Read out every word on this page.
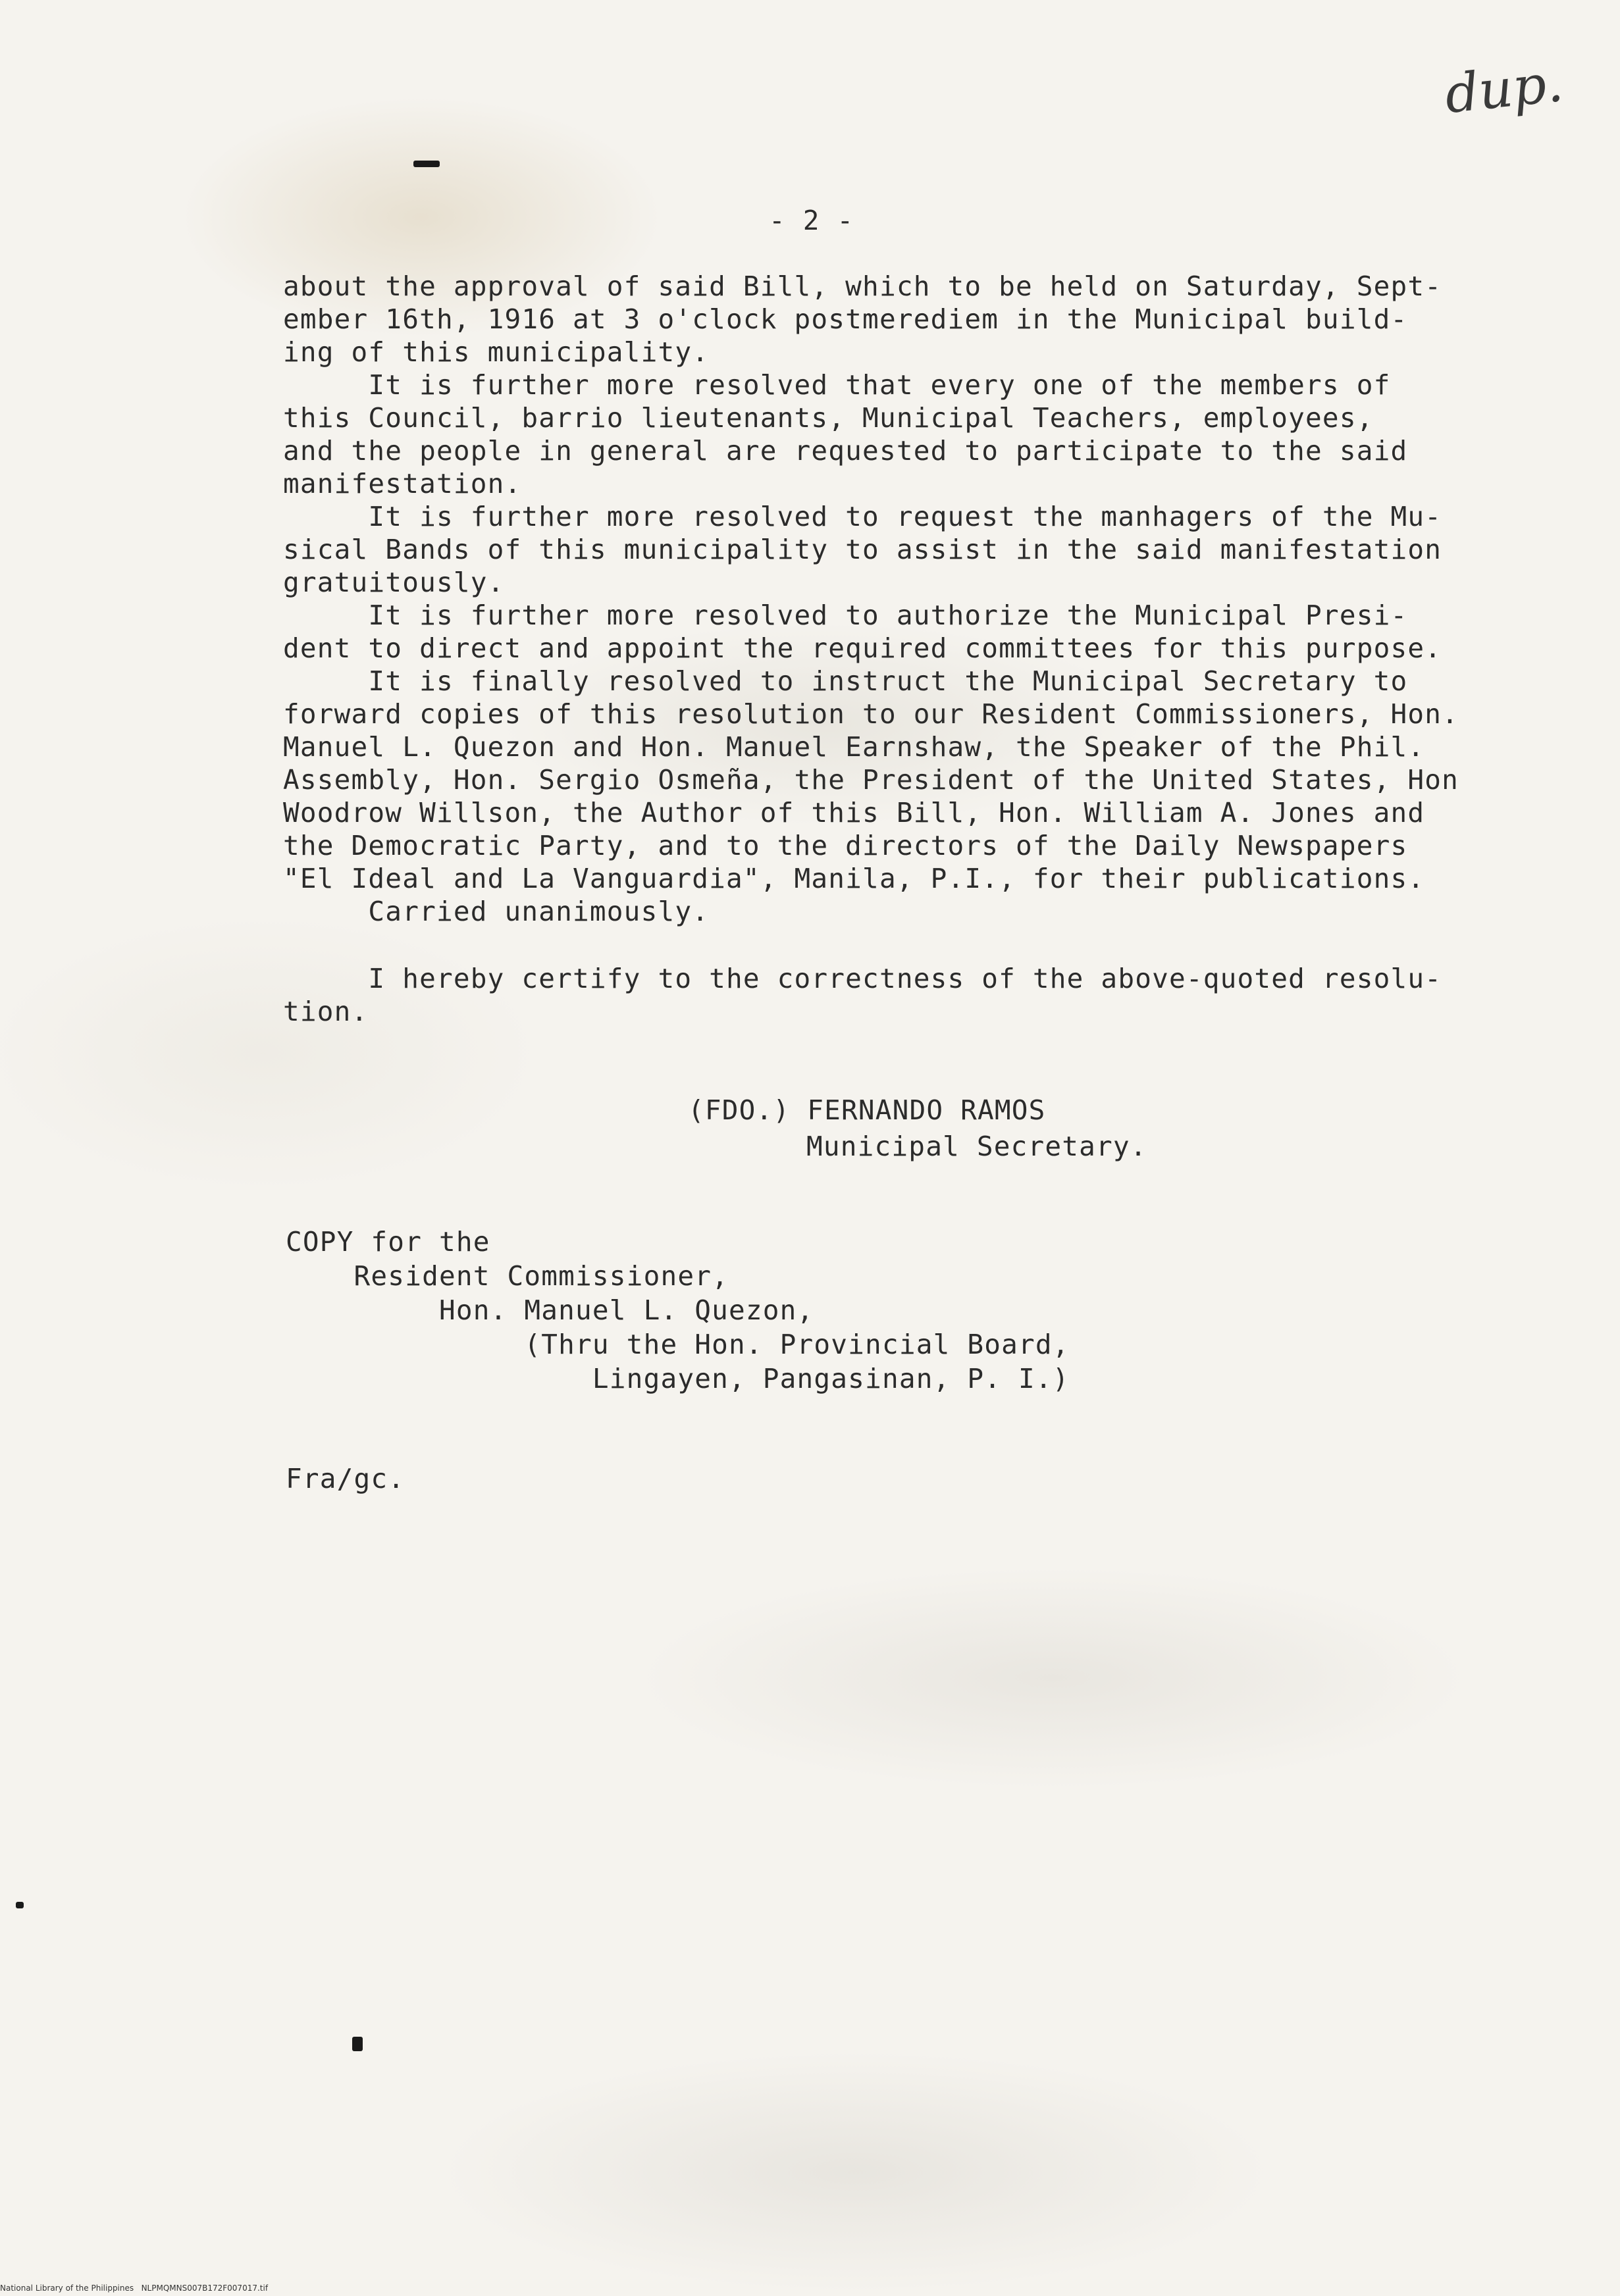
dup.
- 2 -
about the approval of said Bill, which to be held on Saturday, Sept-
ember 16th, 1916 at 3 o'clock postmerediem in the Municipal build-
ing of this municipality.
It is further more resolved that every one of the members of
this Council, barrio lieutenants, Municipal Teachers, employees,
and the people in general are requested to participate to the said
manifestation.
It is further more resolved to request the manhagers of the Mu-
sical Bands of this municipality to assist in the said manifestation
gratuitously.
It is further more resolved to authorize the Municipal Presi-
dent to direct and appoint the required committees for this purpose.
It is finally resolved to instruct the Municipal Secretary to
forward copies of this resolution to our Resident Commissioners, Hon.
Manuel L. Quezon and Hon. Manuel Earnshaw, the Speaker of the Phil.
Assembly, Hon. Sergio Osmeña, the President of the United States, Hon
Woodrow Willson, the Author of this Bill, Hon. William A. Jones and
the Democratic Party, and to the directors of the Daily Newspapers
"El Ideal and La Vanguardia", Manila, P.I., for their publications.
Carried unanimously.
I hereby certify to the correctness of the above-quoted resolu-
tion.
(FDO.) FERNANDO RAMOS
Municipal Secretary.
COPY for the
Resident Commissioner,
Hon. Manuel L. Quezon,
(Thru the Hon. Provincial Board,
Lingayen, Pangasinan, P. I.)
Fra/gc.
National Library of the Philippines   NLPMQMNS007B172F007017.tif
